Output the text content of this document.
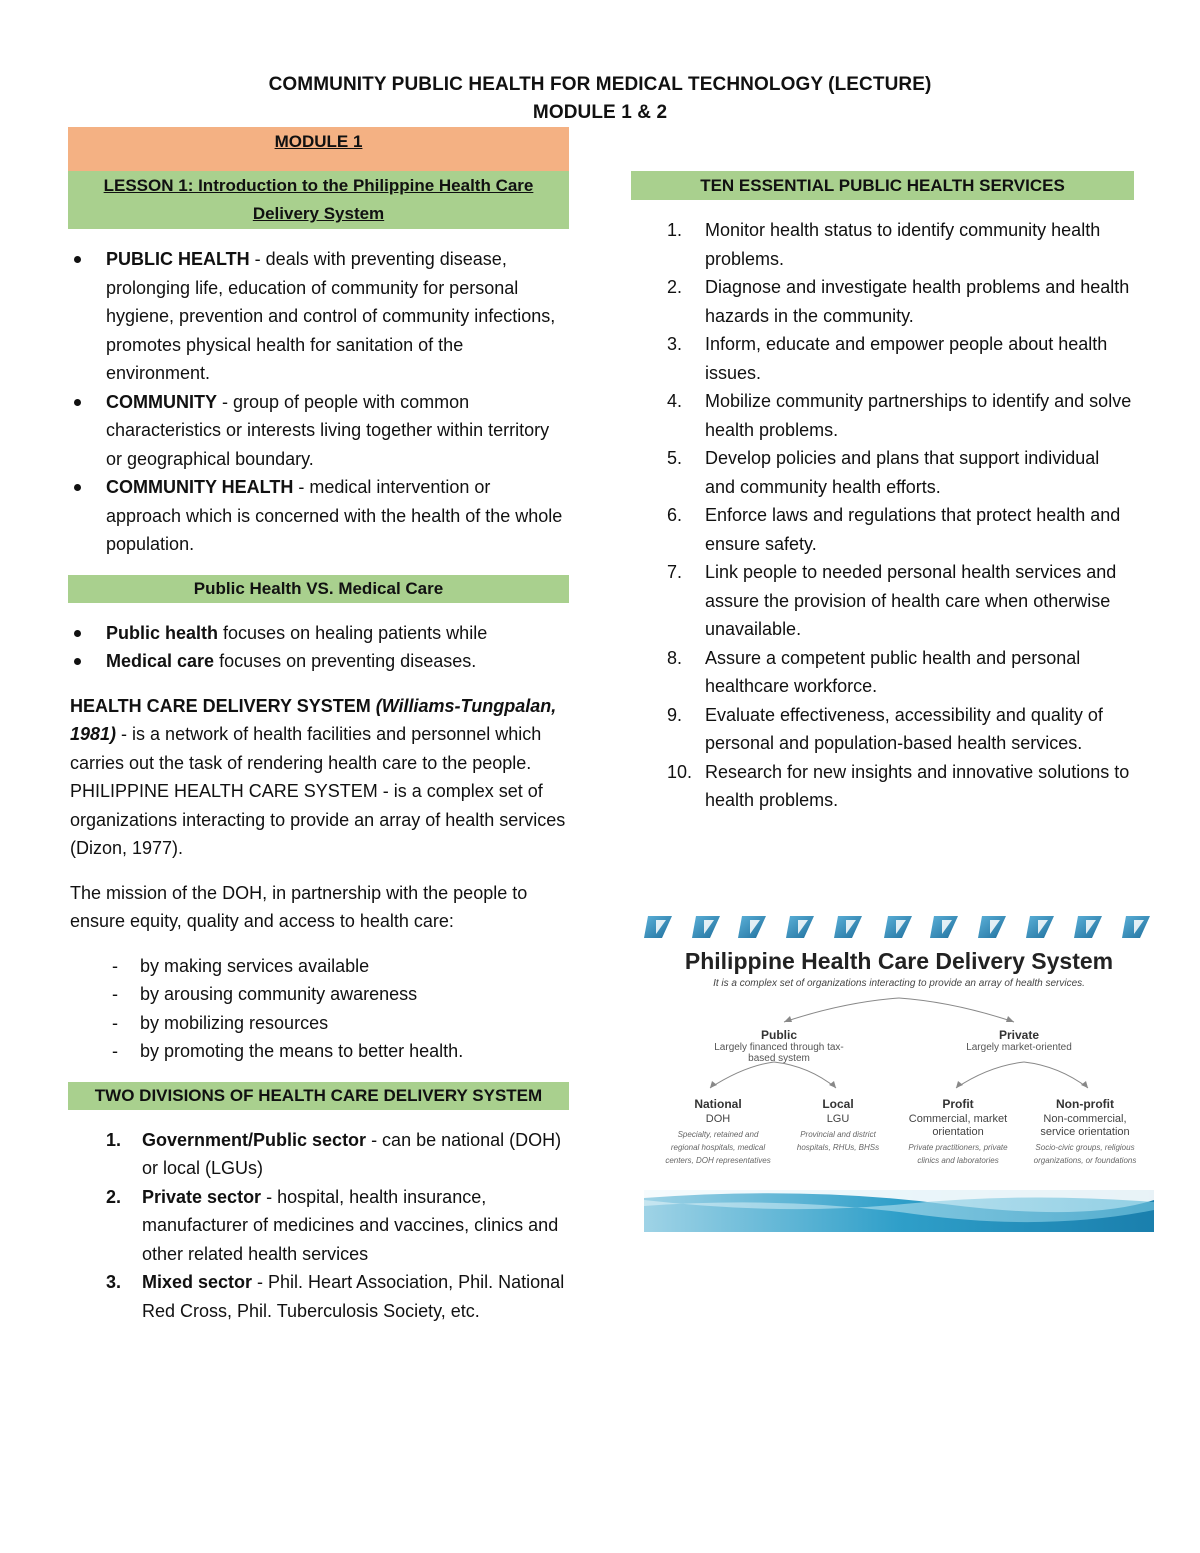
COMMUNITY PUBLIC HEALTH FOR MEDICAL TECHNOLOGY (LECTURE)
MODULE 1 & 2
MODULE 1
LESSON 1: Introduction to the Philippine Health Care
Delivery System
PUBLIC HEALTH - deals with preventing disease, prolonging life, education of community for personal hygiene, prevention and control of community infections, promotes physical health for sanitation of the environment.
COMMUNITY - group of people with common characteristics or interests living together within territory or geographical boundary.
COMMUNITY HEALTH - medical intervention or approach which is concerned with the health of the whole population.
Public Health VS. Medical Care
Public health focuses on healing patients while
Medical care focuses on preventing diseases.

HEALTH CARE DELIVERY SYSTEM (Williams-Tungpalan, 1981) - is a network of health facilities and personnel which carries out the task of rendering health care to the people. PHILIPPINE HEALTH CARE SYSTEM - is a complex set of organizations interacting to provide an array of health services (Dizon, 1977).

The mission of the DOH, in partnership with the people to ensure equity, quality and access to health care:

- by making services available
- by arousing community awareness
- by mobilizing resources
- by promoting the means to better health.
TWO DIVISIONS OF HEALTH CARE DELIVERY SYSTEM
1. Government/Public sector - can be national (DOH) or local (LGUs)
2. Private sector - hospital, health insurance, manufacturer of medicines and vaccines, clinics and other related health services
3. Mixed sector - Phil. Heart Association, Phil. National Red Cross, Phil. Tuberculosis Society, etc.
TEN ESSENTIAL PUBLIC HEALTH SERVICES
1. Monitor health status to identify community health problems.
2. Diagnose and investigate health problems and health hazards in the community.
3. Inform, educate and empower people about health issues.
4. Mobilize community partnerships to identify and solve health problems.
5. Develop policies and plans that support individual and community health efforts.
6. Enforce laws and regulations that protect health and ensure safety.
7. Link people to needed personal health services and assure the provision of health care when otherwise unavailable.
8. Assure a competent public health and personal healthcare workforce.
9. Evaluate effectiveness, accessibility and quality of personal and population-based health services.
10. Research for new insights and innovative solutions to health problems.
Philippine Health Care Delivery System
It is a complex set of organizations interacting to provide an array of health services.
Public
Largely financed through tax-based system
Private
Largely market-oriented
National
DOH
Specialty, retained and
regional hospitals, medical
centers, DOH representatives
Local
LGU
Provincial and district
hospitals, RHUs, BHSs
Profit
Commercial, market
orientation
Private practitioners, private
clinics and laboratories
Non-profit
Non-commercial,
service orientation
Socio-civic groups, religious
organizations, or foundations
